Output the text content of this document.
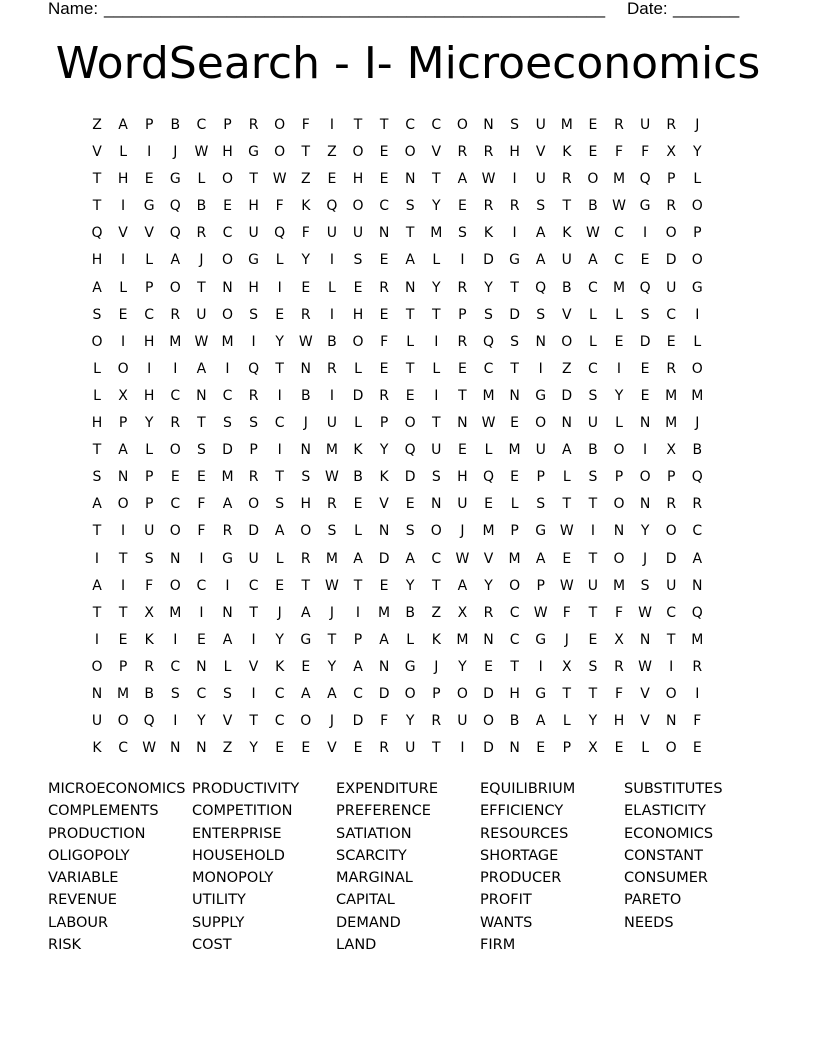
Name: _____________________________________________________ Date: _______
WordSearch - I- Microeconomics
Z	A	P	B	C	P	R	O	F	I	T	T	C	C	O	N	S	U	M	E	R	U	R	J
V	L	I	J	W H	G	O	T	Z	O	E	O	V	R	R	H	V	K	E	F	F	X	Y
T	H	E	G	L	O	T	W	Z	E	H	E	N	T	A	W	I	U	R	O	M	Q	P	L
T	I	G	Q	B	E	H	F	K	Q	O	C	S	Y	E	R	R	S	T	B	W G	R	O
Q	V	V	Q	R	C	U	Q	F	U	U	N	T	M	S	K	I	A	K	W	C	I	O	P
H	I	L	A	J	O	G	L	Y	I	S	E	A	L	I	D	G	A	U	A	C	E	D	O
A	L	P	O	T	N	H	I	E	L	E	R	N	Y	R	Y	T	Q	B	C	M	Q	U	G
S	E	C	R	U	O	S	E	R	I	H	E	T	T	P	S	D	S	V	L	L	S	C	I
O	I	H	M W M	I	Y	W	B	O	F	L	I	R	Q	S	N	O	L	E	D	E	L
L	O	I	I	A	I	Q	T	N	R	L	E	T	L	E	C	T	I	Z	C	I	E	R	O
L	X	H	C	N	C	R	I	B	I	D	R	E	I	T	M	N	G	D	S	Y	E	M	M
H	P	Y	R	T	S	S	C	J	U	L	P	O	T	N W	E	O	N	U	L	N	M	J
T	A	L	O	S	D	P	I	N	M	K	Y	Q	U	E	L	M	U	A	B	O	I	X	B
S	N	P	E	E	M	R	T	S	W	B	K	D	S	H	Q	E	P	L	S	P	O	P	Q
A	O	P	C	F	A	O	S	H	R	E	V	E	N	U	E	L	S	T	T	O	N	R	R
T	I	U	O	F	R	D	A	O	S	L	N	S	O	J	M	P	G W	I	N	Y	O	C
I	T	S	N	I	G	U	L	R	M	A	D	A	C	W	V	M	A	E	T	O	J	D	A
A	I	F	O	C	I	C	E	T	W	T	E	Y	T	A	Y	O	P	W	U	M	S	U	N
T	T	X	M	I	N	T	J	A	J	I	M	B	Z	X	R	C	W	F	T	F	W	C	Q
I	E	K	I	E	A	I	Y	G	T	P	A	L	K	M	N	C	G	J	E	X	N	T	M
O	P	R	C	N	L	V	K	E	Y	A	N	G	J	Y	E	T	I	X	S	R	W	I	R
N	M	B	S	C	S	I	C	A	A	C	D	O	P	O	D	H	G	T	T	F	V	O	I
U	O	Q	I	Y	V	T	C	O	J	D	F	Y	R	U	O	B	A	L	Y	H	V	N	F
K	C	W N	N	Z	Y	E	E	V	E	R	U	T	I	D	N	E	P	X	E	L	O	E
MICROECONOMICS
COMPLEMENTS
PRODUCTION
OLIGOPOLY
VARIABLE
REVENUE
LABOUR
RISK
PRODUCTIVITY
COMPETITION
ENTERPRISE
HOUSEHOLD
MONOPOLY
UTILITY
SUPPLY
COST
EXPENDITURE
PREFERENCE
SATIATION
SCARCITY
MARGINAL
CAPITAL
DEMAND
LAND
EQUILIBRIUM
EFFICIENCY
RESOURCES
SHORTAGE
PRODUCER
PROFIT
WANTS
FIRM
SUBSTITUTES
ELASTICITY
ECONOMICS
CONSTANT
CONSUMER
PARETO
NEEDS
